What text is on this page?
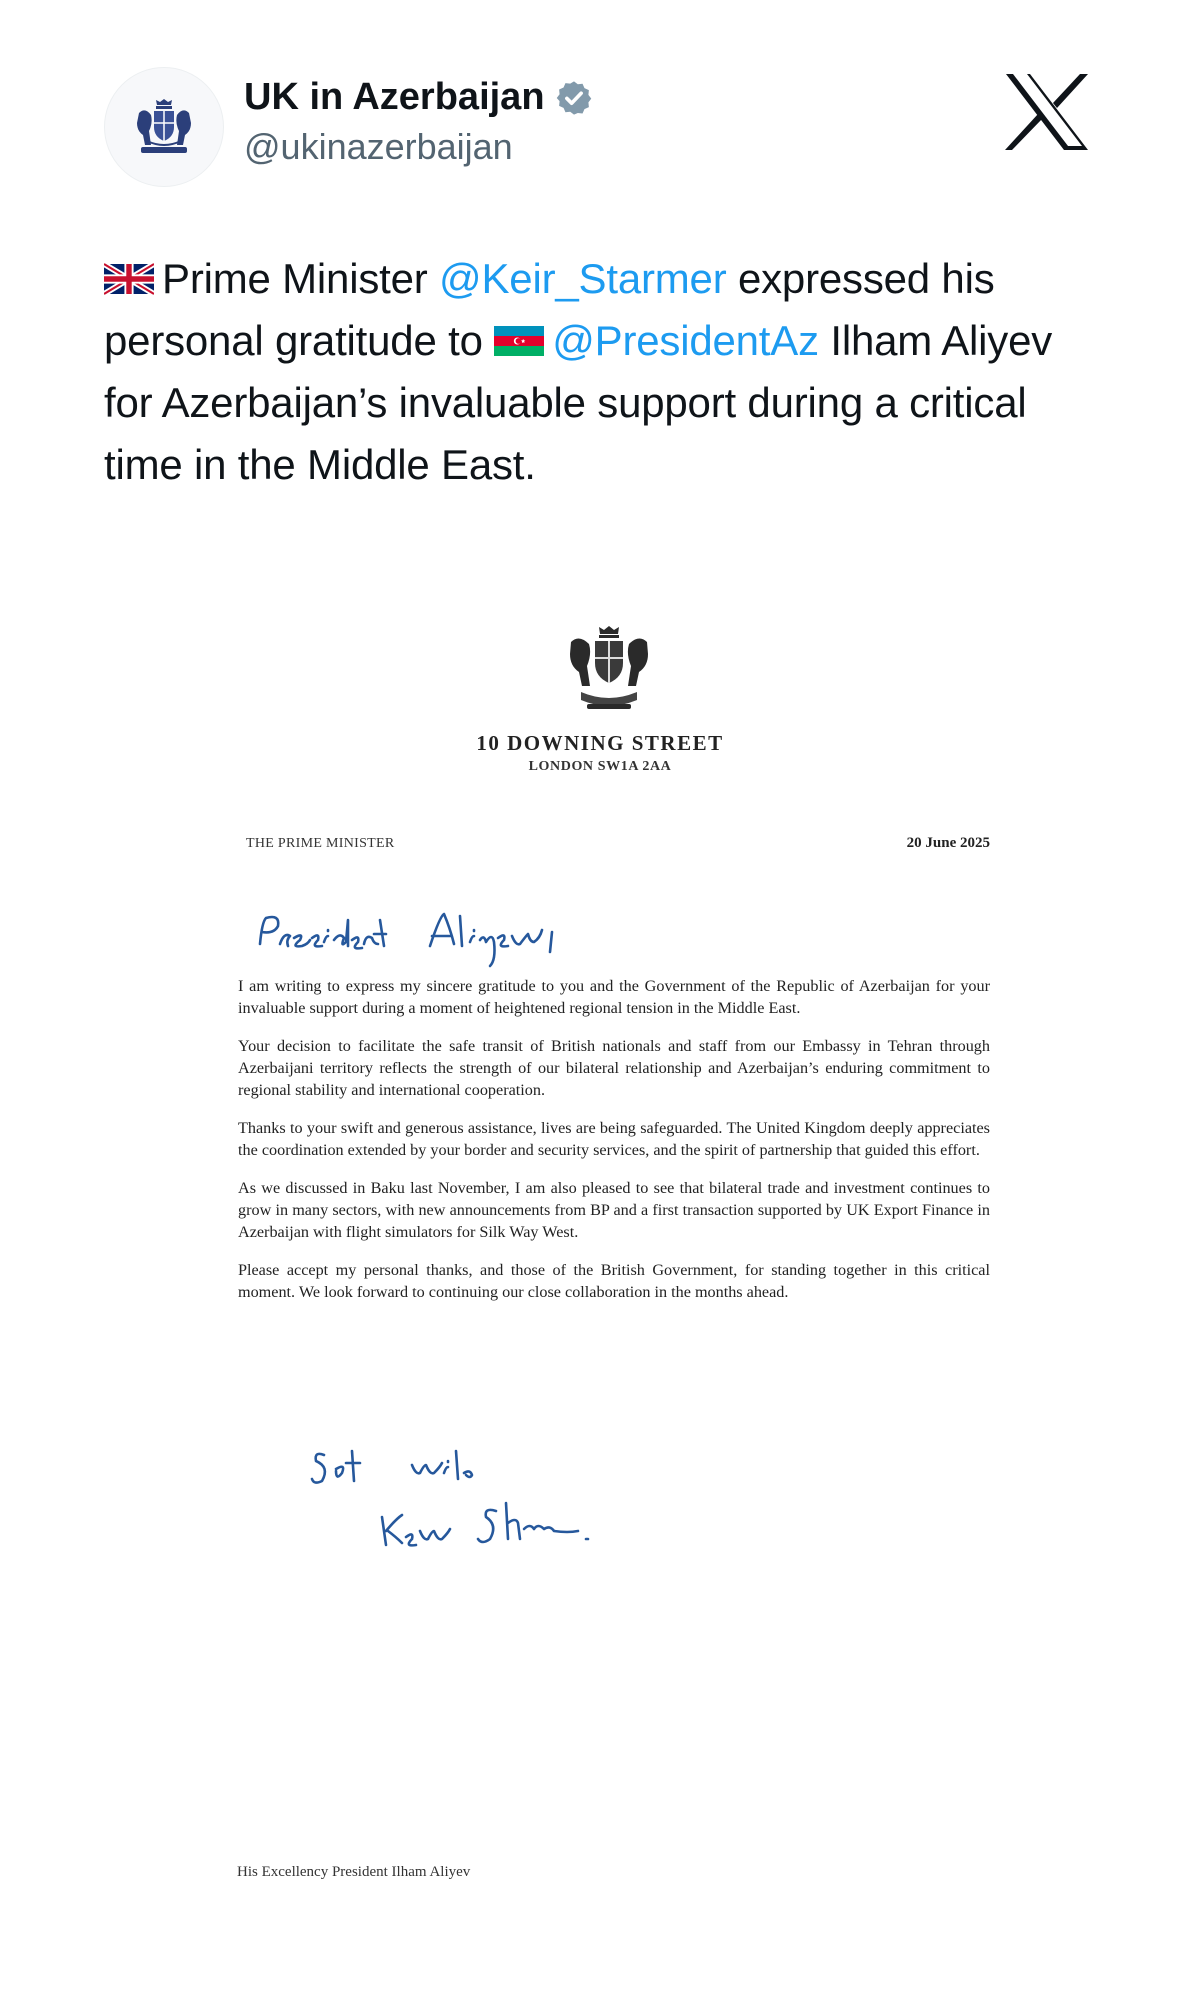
UK in Azerbaijan
@ukinazerbaijan
Prime Minister @Keir_Starmer expressed his personal gratitude to @PresidentAz Ilham Aliyev for Azerbaijan’s invaluable support during a critical time in the Middle East.
10 DOWNING STREET
LONDON SW1A 2AA
THE PRIME MINISTER	20 June 2025

I am writing to express my sincere gratitude to you and the Government of the Republic of Azerbaijan for your invaluable support during a moment of heightened regional tension in the Middle East.

Your decision to facilitate the safe transit of British nationals and staff from our Embassy in Tehran through Azerbaijani territory reflects the strength of our bilateral relationship and Azerbaijan’s enduring commitment to regional stability and international cooperation.

Thanks to your swift and generous assistance, lives are being safeguarded. The United Kingdom deeply appreciates the coordination extended by your border and security services, and the spirit of partnership that guided this effort.

As we discussed in Baku last November, I am also pleased to see that bilateral trade and investment continues to grow in many sectors, with new announcements from BP and a first transaction supported by UK Export Finance in Azerbaijan with flight simulators for Silk Way West.

Please accept my personal thanks, and those of the British Government, for standing together in this critical moment. We look forward to continuing our close collaboration in the months ahead.

His Excellency President Ilham Aliyev
